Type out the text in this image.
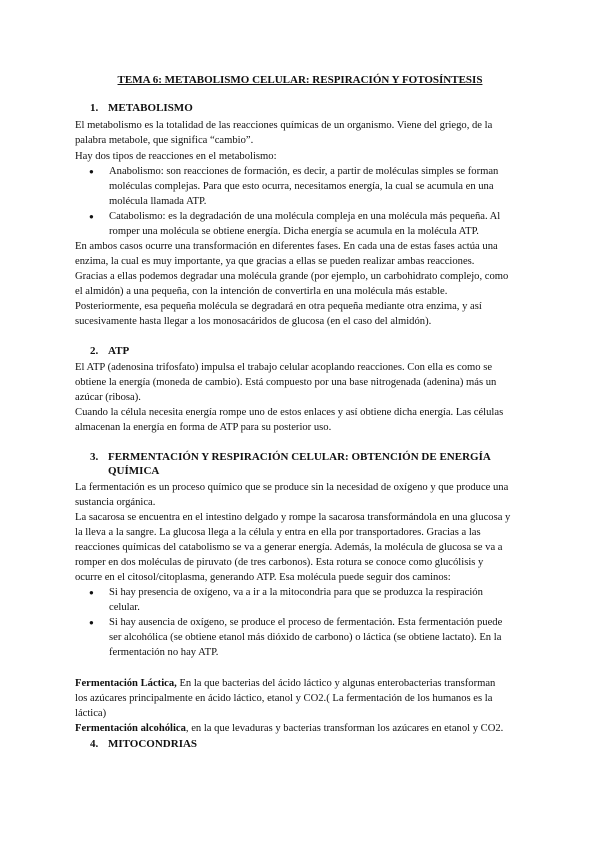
TEMA 6: METABOLISMO CELULAR: RESPIRACIÓN Y FOTOSÍNTESIS
1. METABOLISMO
El metabolismo es la totalidad de las reacciones químicas de un organismo. Viene del griego, de la
palabra metabole, que significa “cambio”.
Hay dos tipos de reacciones en el metabolismo:
● Anabolismo: son reacciones de formación, es decir, a partir de moléculas simples se forman
moléculas complejas. Para que esto ocurra, necesitamos energía, la cual se acumula en una
molécula llamada ATP.
● Catabolismo: es la degradación de una molécula compleja en una molécula más pequeña. Al
romper una molécula se obtiene energía. Dicha energía se acumula en la molécula ATP.
En ambos casos ocurre una transformación en diferentes fases. En cada una de estas fases actúa una
enzima, la cual es muy importante, ya que gracias a ellas se pueden realizar ambas reacciones.
Gracias a ellas podemos degradar una molécula grande (por ejemplo, un carbohidrato complejo, como
el almidón) a una pequeña, con la intención de convertirla en una molécula más estable.
Posteriormente, esa pequeña molécula se degradará en otra pequeña mediante otra enzima, y así
sucesivamente hasta llegar a los monosacáridos de glucosa (en el caso del almidón).
2. ATP
El ATP (adenosina trifosfato) impulsa el trabajo celular acoplando reacciones. Con ella es como se
obtiene la energía (moneda de cambio). Está compuesto por una base nitrogenada (adenina) más un
azúcar (ribosa).
Cuando la célula necesita energía rompe uno de estos enlaces y así obtiene dicha energía. Las células
almacenan la energía en forma de ATP para su posterior uso.
3. FERMENTACIÓN Y RESPIRACIÓN CELULAR: OBTENCIÓN DE ENERGÍA
QUÍMICA
La fermentación es un proceso químico que se produce sin la necesidad de oxígeno y que produce una
sustancia orgánica.
La sacarosa se encuentra en el intestino delgado y rompe la sacarosa transformándola en una glucosa y
la lleva a la sangre. La glucosa llega a la célula y entra en ella por transportadores. Gracias a las
reacciones químicas del catabolismo se va a generar energía. Además, la molécula de glucosa se va a
romper en dos moléculas de piruvato (de tres carbonos). Esta rotura se conoce como glucólisis y
ocurre en el citosol/citoplasma, generando ATP. Esa molécula puede seguir dos caminos:
● Si hay presencia de oxígeno, va a ir a la mitocondria para que se produzca la respiración
celular.
● Si hay ausencia de oxígeno, se produce el proceso de fermentación. Esta fermentación puede
ser alcohólica (se obtiene etanol más dióxido de carbono) o láctica (se obtiene lactato). En la
fermentación no hay ATP.
Fermentación Láctica, En la que bacterias del ácido láctico y algunas enterobacterias transforman
los azúcares principalmente en ácido láctico, etanol y CO2.( La fermentación de los humanos es la
láctica)
Fermentación alcohólica, en la que levaduras y bacterias transforman los azúcares en etanol y CO2.
4. MITOCONDRIAS
